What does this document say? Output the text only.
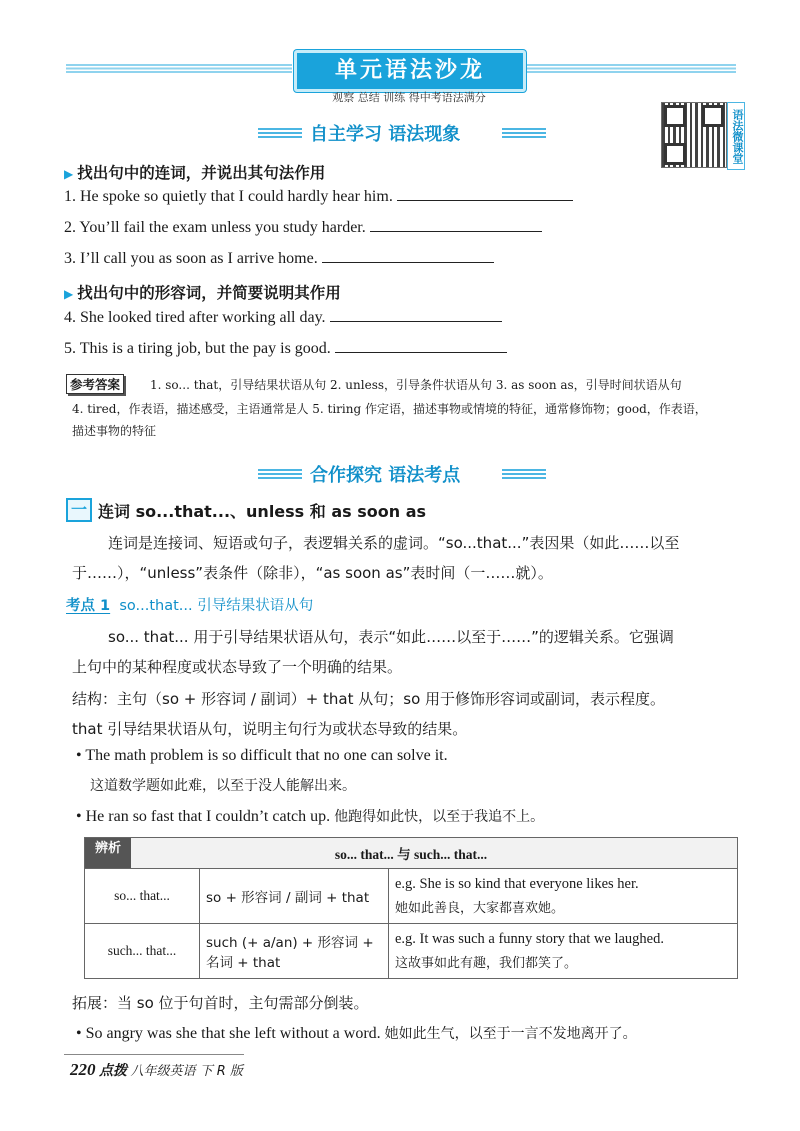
单元语法沙龙
观察 总结 训练 得中考语法满分
语法微课堂
自主学习 语法现象
▶ 找出句中的连词，并说出其句法作用
1. He spoke so quietly that I could hardly hear him.
2. You’ll fail the exam unless you study harder.
3. I’ll call you as soon as I arrive home.
▶ 找出句中的形容词，并简要说明其作用
4. She looked tired after working all day.
5. This is a tiring job, but the pay is good.
参考答案	1. so... that，引导结果状语从句 2. unless，引导条件状语从句 3. as soon as，引导时间状语从句
4. tired，作表语，描述感受，主语通常是人 5. tiring 作定语，描述事物或情境的特征，通常修饰物；good，作表语，
描述事物的特征
合作探究 语法考点
一 连词 so...that...、unless 和 as soon as
连词是连接词、短语或句子，表逻辑关系的虚词。“so...that...”表因果（如此……以至
于……），“unless”表条件（除非），“as soon as”表时间（一……就）。
考点 1 so...that... 引导结果状语从句
so... that... 用于引导结果状语从句，表示“如此……以至于……”的逻辑关系。它强调
上句中的某种程度或状态导致了一个明确的结果。
结构：主句（so + 形容词 / 副词）+ that 从句；so 用于修饰形容词或副词，表示程度。
that 引导结果状语从句，说明主句行为或状态导致的结果。
• The math problem is so difficult that no one can solve it.
这道数学题如此难，以至于没人能解出来。
• He ran so fast that I couldn’t catch up. 他跑得如此快，以至于我追不上。
辨析 so... that... 与 such... that...		
so... that...	so + 形容词 / 副词 + that	e.g. She is so kind that everyone likes her.
她如此善良，大家都喜欢她。

such... that...	such (+ a/an) + 形容词 + 名词 + that	e.g. It was such a funny story that we laughed.
这故事如此有趣，我们都笑了。
拓展：当 so 位于句首时，主句需部分倒装。
• So angry was she that she left without a word. 她如此生气，以至于一言不发地离开了。
220 点拨 八年级英语 下 R 版
